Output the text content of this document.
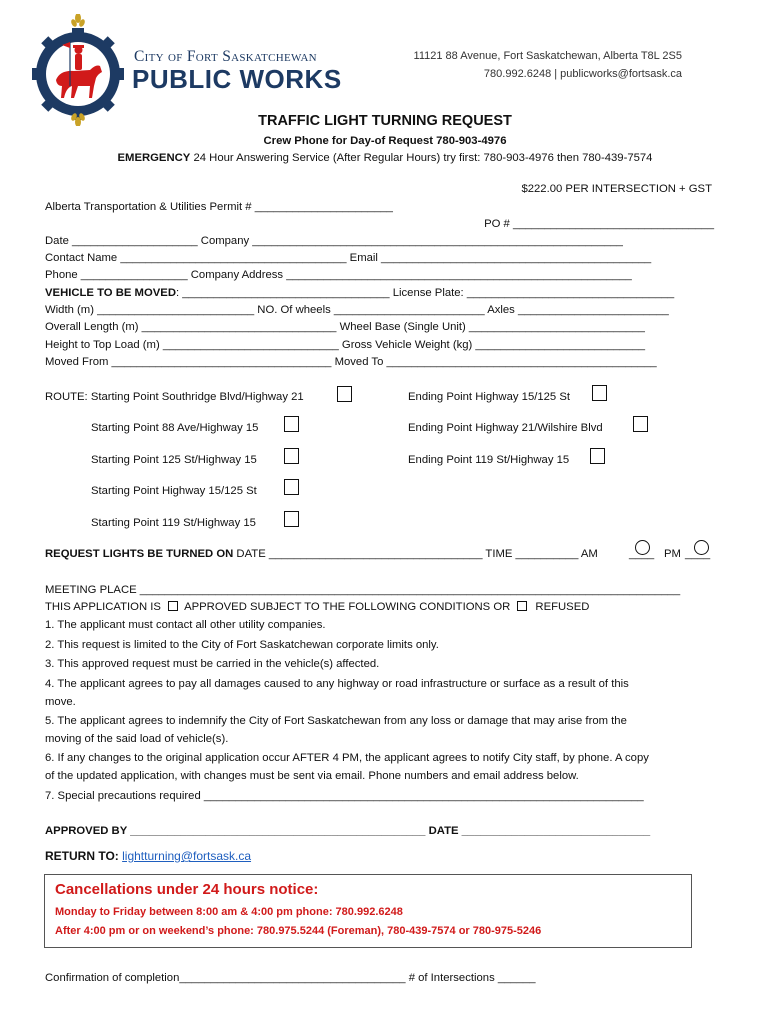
City of Fort Saskatchewan
PUBLIC WORKS
11121 88 Avenue, Fort Saskatchewan, Alberta T8L 2S5
780.992.6248 | publicworks@fortsask.ca
TRAFFIC LIGHT TURNING REQUEST
Crew Phone for Day-of Request 780-903-4976
EMERGENCY 24 Hour Answering Service (After Regular Hours) try first: 780-903-4976 then 780-439-7574
$222.00 PER INTERSECTION + GST
Alberta Transportation & Utilities Permit # ______________________
PO # ________________________________
Date ____________________ Company ___________________________________________________________
Contact Name ____________________________________ Email ___________________________________________
Phone _________________ Company Address _______________________________________________________
VEHICLE TO BE MOVED: _________________________________ License Plate: _________________________________
Width (m) _________________________ NO. Of wheels ________________________ Axles ________________________
Overall Length (m) _______________________________ Wheel Base (Single Unit) ____________________________
Height to Top Load (m) ____________________________ Gross Vehicle Weight (kg) ___________________________
Moved From ___________________________________ Moved To ___________________________________________
ROUTE: Starting Point Southridge Blvd/Highway 21
Starting Point 88 Ave/Highway 15
Starting Point 125 St/Highway 15
Starting Point Highway 15/125 St
Starting Point 119 St/Highway 15
Ending Point Highway 15/125 St
Ending Point Highway 21/Wilshire Blvd
Ending Point 119 St/Highway 15
REQUEST LIGHTS BE TURNED ON DATE __________________________________ TIME __________ AM	____ PM ____
MEETING PLACE ______________________________________________________________________________________
THIS APPLICATION IS APPROVED SUBJECT TO THE FOLLOWING CONDITIONS OR REFUSED
1. The applicant must contact all other utility companies.
2. This request is limited to the City of Fort Saskatchewan corporate limits only.
3. This approved request must be carried in the vehicle(s) affected.
4. The applicant agrees to pay all damages caused to any highway or road infrastructure or surface as a result of this
move.
5. The applicant agrees to indemnify the City of Fort Saskatchewan from any loss or damage that may arise from the
moving of the said load of vehicle(s).
6. If any changes to the original application occur AFTER 4 PM, the applicant agrees to notify City staff, by phone. A copy
of the updated application, with changes must be sent via email. Phone numbers and email address below.
7. Special precautions required ______________________________________________________________________
APPROVED BY _______________________________________________ DATE ______________________________
RETURN TO: lightturning@fortsask.ca
Cancellations under 24 hours notice:
Monday to Friday between 8:00 am & 4:00 pm phone: 780.992.6248
After 4:00 pm or on weekend’s phone: 780.975.5244 (Foreman), 780-439-7574 or 780-975-5246
Confirmation of completion____________________________________ # of Intersections ______
